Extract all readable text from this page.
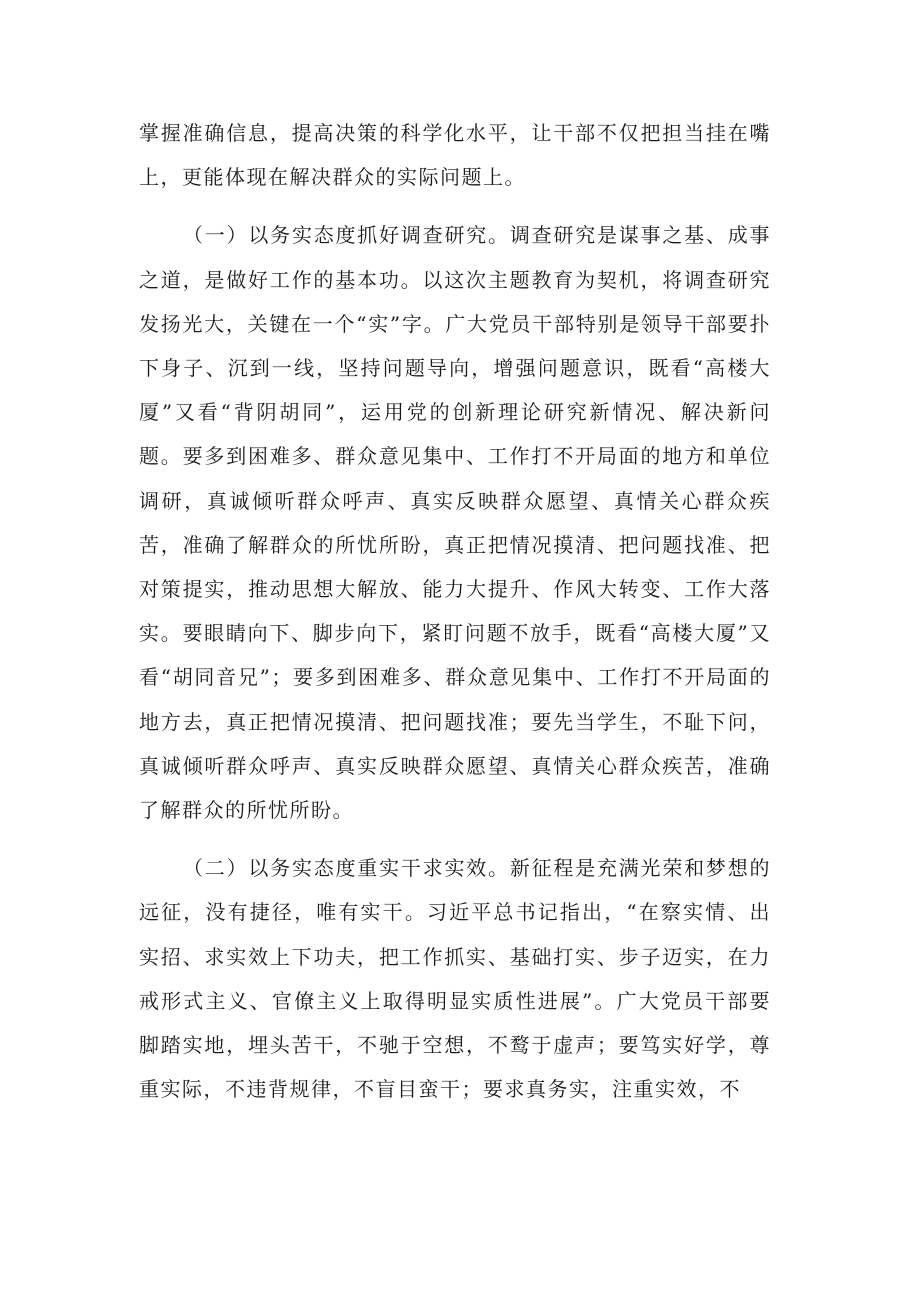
掌握准确信息，提高决策的科学化水平，让干部不仅把担当挂在嘴上，更能体现在解决群众的实际问题上。

（一）以务实态度抓好调查研究。调查研究是谋事之基、成事之道，是做好工作的基本功。以这次主题教育为契机，将调查研究发扬光大，关键在一个“实”字。广大党员干部特别是领导干部要扑下身子、沉到一线，坚持问题导向，增强问题意识，既看“高楼大厦”又看“背阴胡同”，运用党的创新理论研究新情况、解决新问题。要多到困难多、群众意见集中、工作打不开局面的地方和单位调研，真诚倾听群众呼声、真实反映群众愿望、真情关心群众疾苦，准确了解群众的所忧所盼，真正把情况摸清、把问题找准、把对策提实，推动思想大解放、能力大提升、作风大转变、工作大落实。要眼睛向下、脚步向下，紧盯问题不放手，既看“高楼大厦”又看“胡同音兄”；要多到困难多、群众意见集中、工作打不开局面的地方去，真正把情况摸清、把问题找准；要先当学生，不耻下问，真诚倾听群众呼声、真实反映群众愿望、真情关心群众疾苦，准确了解群众的所忧所盼。

（二）以务实态度重实干求实效。新征程是充满光荣和梦想的远征，没有捷径，唯有实干。习近平总书记指出，“在察实情、出实招、求实效上下功夫，把工作抓实、基础打实、步子迈实，在力戒形式主义、官僚主义上取得明显实质性进展”。广大党员干部要脚踏实地，埋头苦干，不驰于空想，不鹜于虚声；要笃实好学，尊重实际，不违背规律，不盲目蛮干；要求真务实，注重实效，不
